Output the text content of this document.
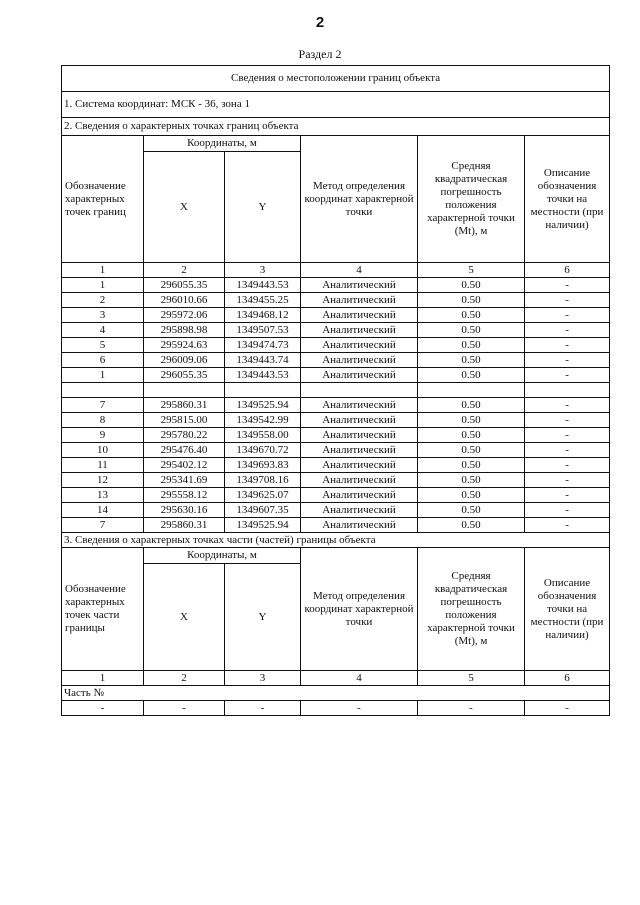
2
Раздел 2
Сведения о местоположении границ объекта					
1. Система координат: МСК - 36, зона 1					
2. Сведения о характерных точках границ объекта					
Обозначение характерных точек границ	Координаты, м		Метод определения координат характерной точки	Средняя квадратическая погрешность положения характерной точки (Mt), м	Описание обозначения точки на местности (при наличии)
	X	Y			
1	2	3	4	5	6
1	296055.35	1349443.53	Аналитический	0.50	-
2	296010.66	1349455.25	Аналитический	0.50	-
3	295972.06	1349468.12	Аналитический	0.50	-
4	295898.98	1349507.53	Аналитический	0.50	-
5	295924.63	1349474.73	Аналитический	0.50	-
6	296009.06	1349443.74	Аналитический	0.50	-
1	296055.35	1349443.53	Аналитический	0.50	-

7	295860.31	1349525.94	Аналитический	0.50	-
8	295815.00	1349542.99	Аналитический	0.50	-
9	295780.22	1349558.00	Аналитический	0.50	-
10	295476.40	1349670.72	Аналитический	0.50	-
11	295402.12	1349693.83	Аналитический	0.50	-
12	295341.69	1349708.16	Аналитический	0.50	-
13	295558.12	1349625.07	Аналитический	0.50	-
14	295630.16	1349607.35	Аналитический	0.50	-
7	295860.31	1349525.94	Аналитический	0.50	-
3. Сведения о характерных точках части (частей) границы объекта					
Обозначение характерных точек части границы	Координаты, м		Метод определения координат характерной точки	Средняя квадратическая погрешность положения характерной точки (Mt), м	Описание обозначения точки на местности (при наличии)
	X	Y			
1	2	3	4	5	6
Часть №					
-	-	-	-	-	-
